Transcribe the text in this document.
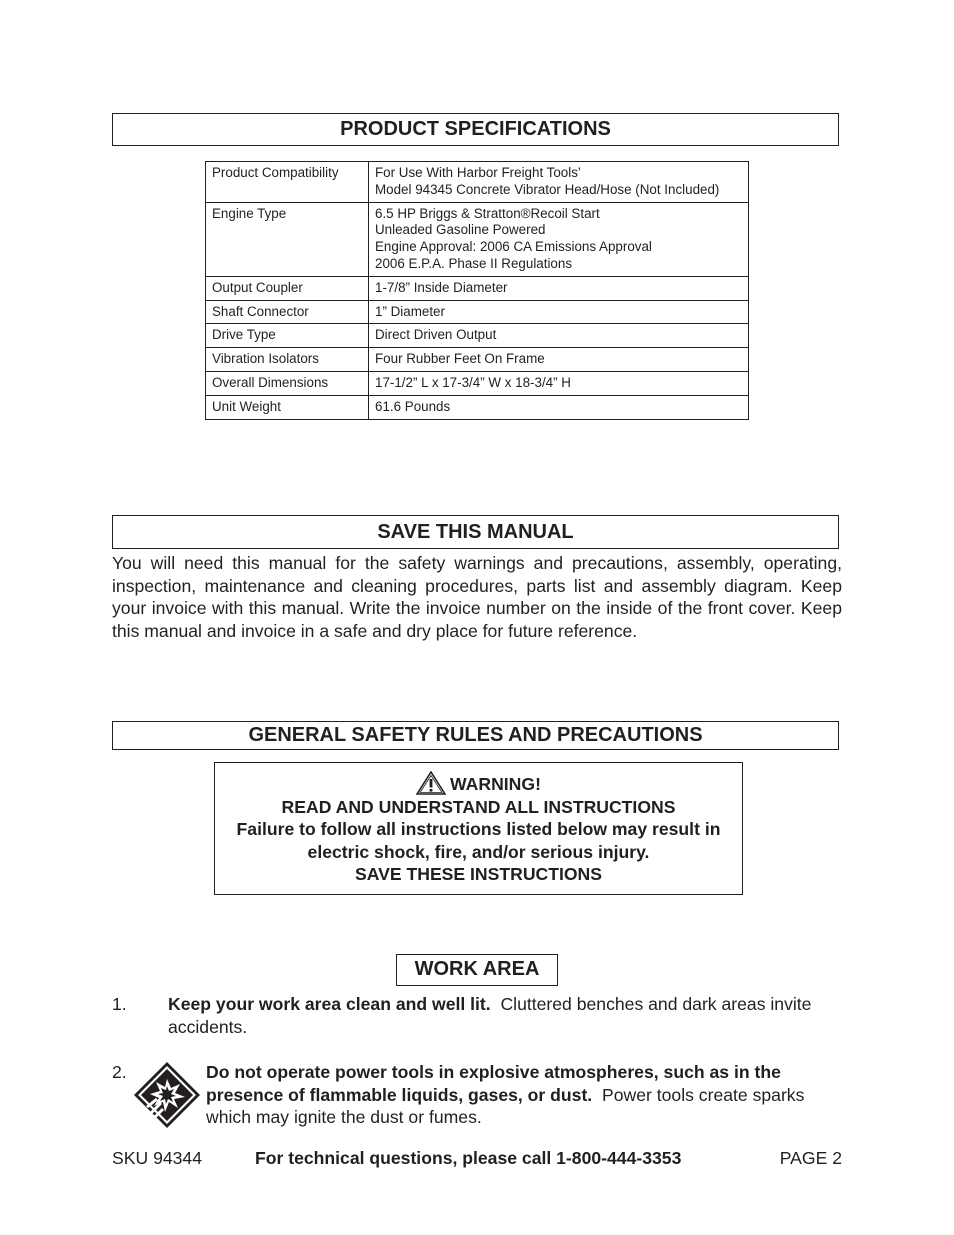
PRODUCT SPECIFICATIONS
Product Compatibility	For Use With Harbor Freight Tools’
Model 94345 Concrete Vibrator Head/Hose (Not Included)

Engine Type	6.5 HP Briggs & Stratton®Recoil Start
Unleaded Gasoline Powered
Engine Approval: 2006 CA Emissions Approval
2006 E.P.A. Phase II Regulations

Output Coupler	1-7/8” Inside Diameter

Shaft Connector	1” Diameter

Drive Type	Direct Driven Output

Vibration Isolators	Four Rubber Feet On Frame

Overall Dimensions	17-1/2” L x 17-3/4” W x 18-3/4” H

Unit Weight	61.6 Pounds
SAVE THIS MANUAL
You will need this manual for the safety warnings and precautions, assembly, operating, inspection, maintenance and cleaning procedures, parts list and assembly diagram. Keep your invoice with this manual. Write the invoice number on the inside of the front cover. Keep this manual and invoice in a safe and dry place for future reference.
GENERAL SAFETY RULES AND PRECAUTIONS
WARNING!
READ AND UNDERSTAND ALL INSTRUCTIONS
Failure to follow all instructions listed below may result in
electric shock, fire, and/or serious injury.
SAVE THESE INSTRUCTIONS
WORK AREA
1. Keep your work area clean and well lit.  Cluttered benches and dark areas invite accidents.
2.	Do not operate power tools in explosive atmospheres, such as in the presence of flammable liquids, gases, or dust.  Power tools create sparks which may ignite the dust or fumes.
SKU 94344	For technical questions, please call 1-800-444-3353	PAGE 2
